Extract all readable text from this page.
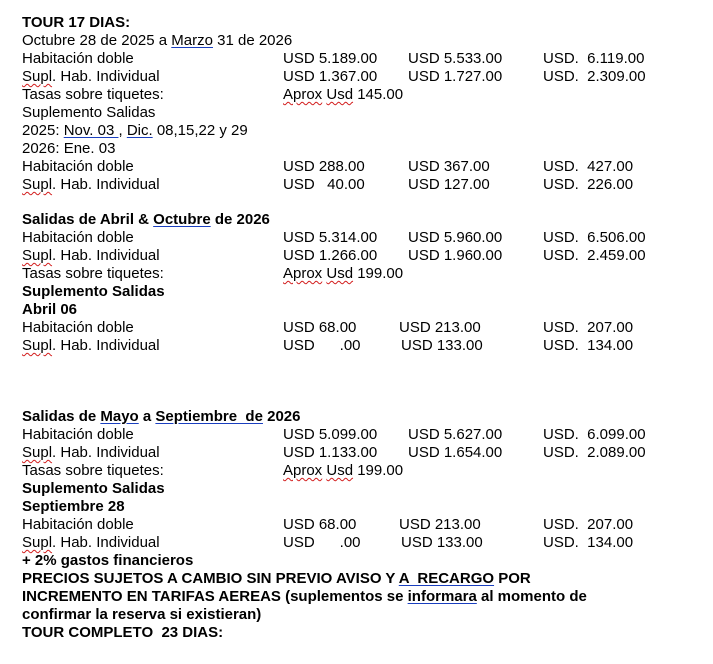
TOUR 17 DIAS:
Octubre 28 de 2025 a Marzo 31 de 2026
Habitación doble	USD 5.189.00 USD 5.533.00	USD.  6.119.00
Supl. Hab. Individual	USD 1.367.00 USD 1.727.00	USD.  2.309.00
Tasas sobre tiquetes:	Aprox Usd 145.00
Suplemento Salidas
2025: Nov. 03 , Dic. 08,15,22 y 29
2026: Ene. 03
Habitación doble	USD 288.00	USD 367.00	USD.  427.00
Supl. Hab. Individual	USD   40.00	USD 127.00	USD.  226.00
Salidas de Abril & Octubre de 2026
Habitación doble	USD 5.314.00 USD 5.960.00	USD.  6.506.00
Supl. Hab. Individual	USD 1.266.00 USD 1.960.00	USD.  2.459.00
Tasas sobre tiquetes:	Aprox Usd 199.00
Suplemento Salidas
Abril 06
Habitación doble	USD 68.00	USD 213.00	USD.  207.00
Supl. Hab. Individual	USD      .00	USD 133.00	USD.  134.00
Salidas de Mayo a Septiembre  de 2026
Habitación doble	USD 5.099.00 USD 5.627.00	USD.  6.099.00
Supl. Hab. Individual	USD 1.133.00 USD 1.654.00	USD.  2.089.00
Tasas sobre tiquetes:	Aprox Usd 199.00
Suplemento Salidas
Septiembre 28
Habitación doble	USD 68.00	USD 213.00	USD.  207.00
Supl. Hab. Individual	USD      .00	USD 133.00	USD.  134.00
+ 2% gastos financieros
PRECIOS SUJETOS A CAMBIO SIN PREVIO AVISO Y A  RECARGO POR
INCREMENTO EN TARIFAS AEREAS (suplementos se informara al momento de
confirmar la reserva si existieran)
TOUR COMPLETO  23 DIAS:
